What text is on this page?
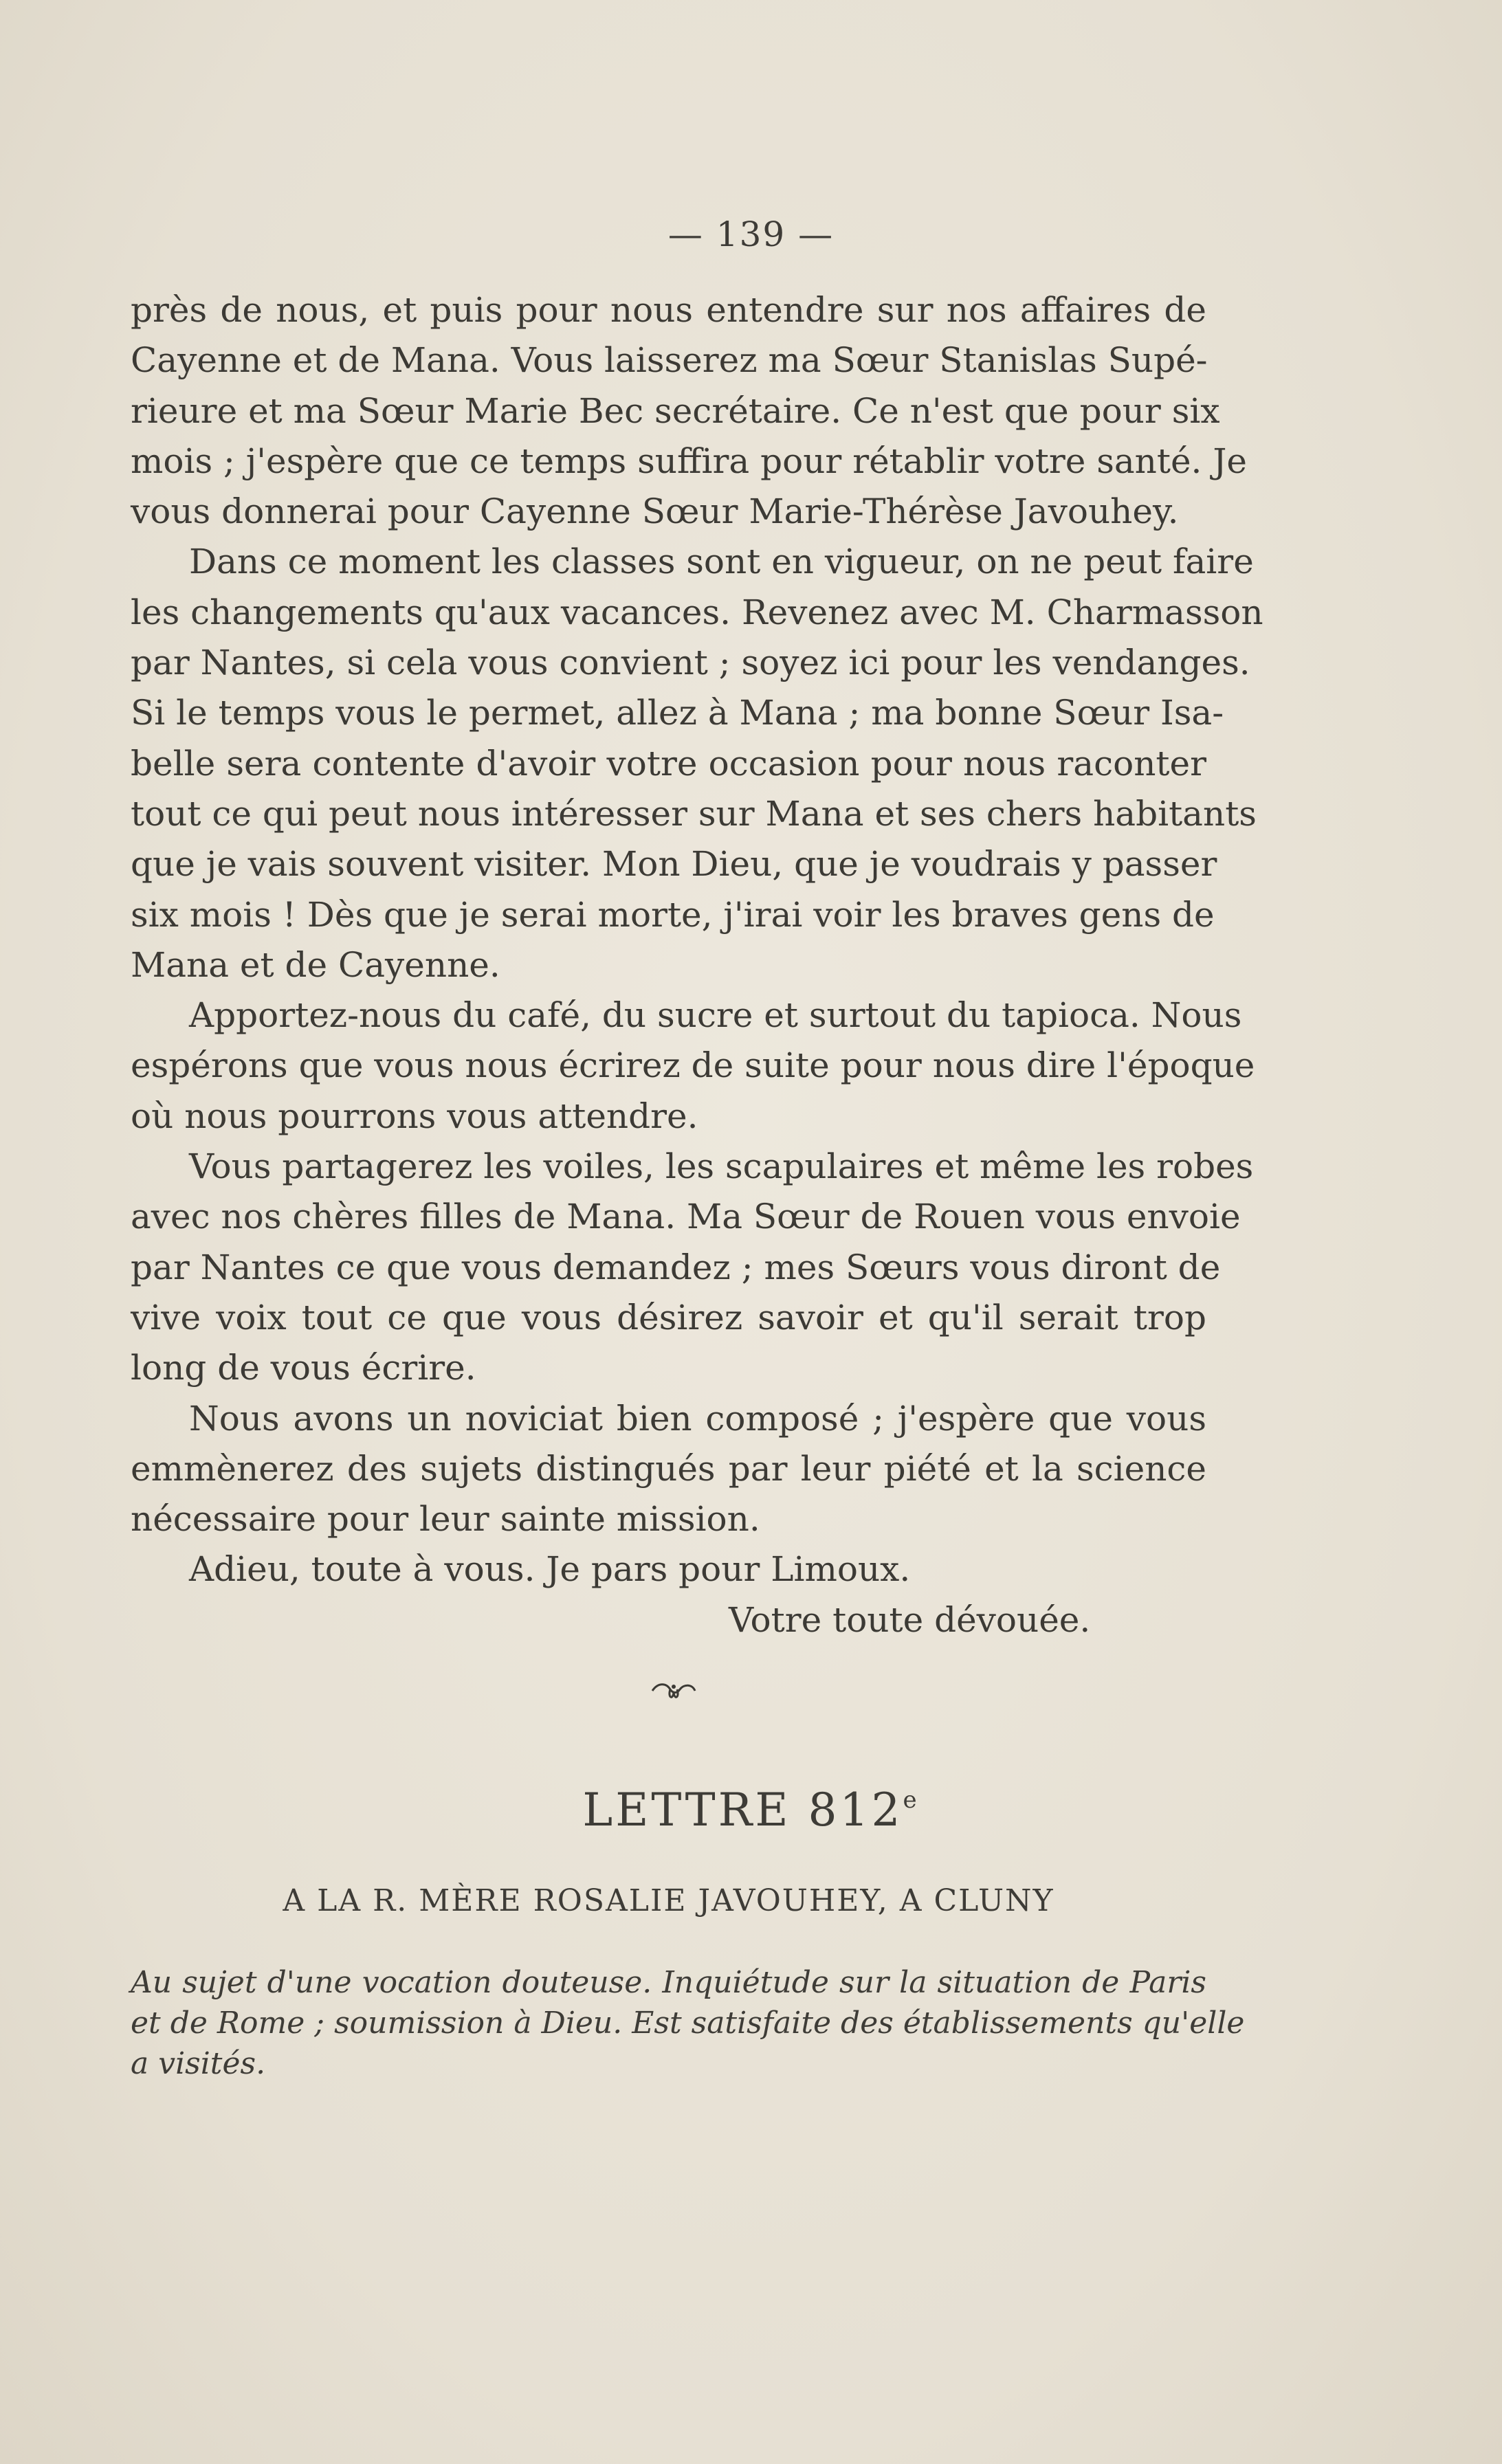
— 139 —
près de nous, et puis pour nous entendre sur nos affaires de
Cayenne et de Mana. Vous laisserez ma Sœur Stanislas Supé-
rieure et ma Sœur Marie Bec secrétaire. Ce n'est que pour six
mois ; j'espère que ce temps suffira pour rétablir votre santé. Je
vous donnerai pour Cayenne Sœur Marie-Thérèse Javouhey.
Dans ce moment les classes sont en vigueur, on ne peut faire
les changements qu'aux vacances. Revenez avec M. Charmasson
par Nantes, si cela vous convient ; soyez ici pour les vendanges.
Si le temps vous le permet, allez à Mana ; ma bonne Sœur Isa-
belle sera contente d'avoir votre occasion pour nous raconter
tout ce qui peut nous intéresser sur Mana et ses chers habitants
que je vais souvent visiter. Mon Dieu, que je voudrais y passer
six mois ! Dès que je serai morte, j'irai voir les braves gens de
Mana et de Cayenne.
Apportez-nous du café, du sucre et surtout du tapioca. Nous
espérons que vous nous écrirez de suite pour nous dire l'époque
où nous pourrons vous attendre.
Vous partagerez les voiles, les scapulaires et même les robes
avec nos chères filles de Mana. Ma Sœur de Rouen vous envoie
par Nantes ce que vous demandez ; mes Sœurs vous diront de
vive voix tout ce que vous désirez savoir et qu'il serait trop
long de vous écrire.
Nous avons un noviciat bien composé ; j'espère que vous
emmènerez des sujets distingués par leur piété et la science
nécessaire pour leur sainte mission.
Adieu, toute à vous. Je pars pour Limoux.
Votre toute dévouée.
LETTRE 812e
A LA R. MÈRE ROSALIE JAVOUHEY, A CLUNY
Au sujet d'une vocation douteuse. Inquiétude sur la situation de Paris
et de Rome ; soumission à Dieu. Est satisfaite des établissements qu'elle
a visités.
